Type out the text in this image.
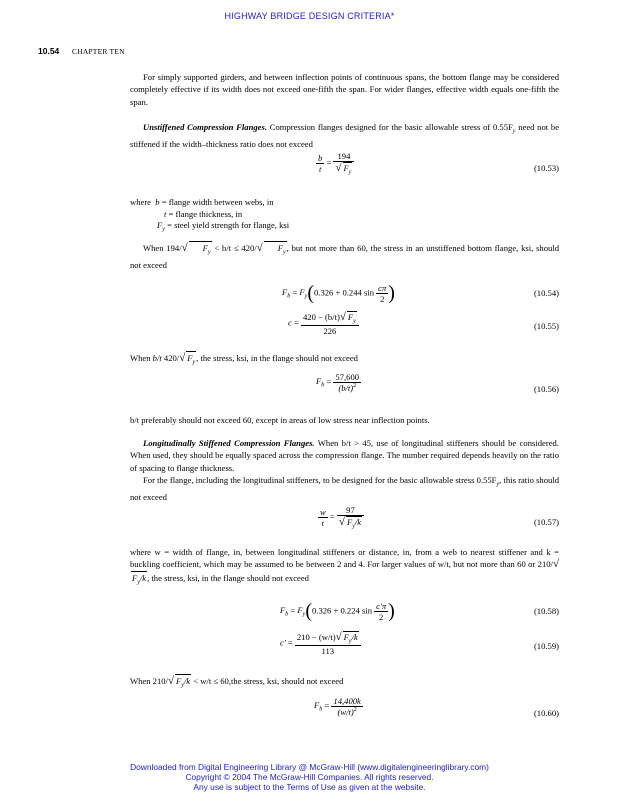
HIGHWAY BRIDGE DESIGN CRITERIA*
10.54 CHAPTER TEN
For simply supported girders, and between inflection points of continuous spans, the bottom flange may be considered completely effective if its width does not exceed one-fifth the span. For wider flanges, effective width equals one-fifth the span.
Unstiffened Compression Flanges. Compression flanges designed for the basic allowable stress of $0.55F_y$ need not be stiffened if the width–thickness ratio does not exceed
$\frac{b}{t} = \frac{194}{√ F_y}$	(10.53)
where  b = flange width between webs, in
t = flange thickness, in
$F_y$ = steel yield strength for flange, ksi
When 194/√ $F_y < b/t \le 420/√$ $F_y$, but not more than 60, the stress in an unstiffened bottom flange, ksi, should not exceed
$F_b = F_y(0.326 + 0.244$ $\sin \frac{c\pi}{2}$ )	(10.54)
$c = \frac{420 - (b/t)√ F_y}{226}$	(10.55)
When b/t 420/√ $F_y$, the stress, ksi, in the flange should not exceed
$F_b = \frac{57,600}{(b/t)^2}$	(10.56)
b/t preferably should not exceed 60, except in areas of low stress near inflection points.
Longitudinally Stiffened Compression Flanges. When b/t > 45, use of longitudinal stiffeners should be considered. When used, they should be equally spaced across the compression flange. The number required depends heavily on the ratio of spacing to flange thickness.
For the flange, including the longitudinal stiffeners, to be designed for the basic allowable stress $0.55F_y$, this ratio should not exceed
$\frac{w}{t} = \frac{97}{√ F_y/k}$	(10.57)
where w = width of flange, in, between longitudinal stiffeners or distance, in, from a web to nearest stiffener and k = buckling coefficient, which may be assumed to be between 2 and 4. For larger values of w/t, but not more than 60 or $210/√F_y/k$, the stress, ksi, in the flange should not exceed
$F_b = F_y(0.326 + 0.224$ $\sin \frac{c'\pi}{2}$ )	(10.58)
$c' = \frac{210 - (w/t)√ F_y/k}{113}$	(10.59)
When 210/√ $F_y/k < w/t \le 60,the$ stress, ksi, should not exceed
$F_b = \frac{14,400k}{(w/t)^2}$	(10.60)
Downloaded from Digital Engineering Library @ McGraw-Hill (www.digitalengineeringlibrary.com)
Copyright © 2004 The McGraw-Hill Companies. All rights reserved.
Any use is subject to the Terms of Use as given at the website.
